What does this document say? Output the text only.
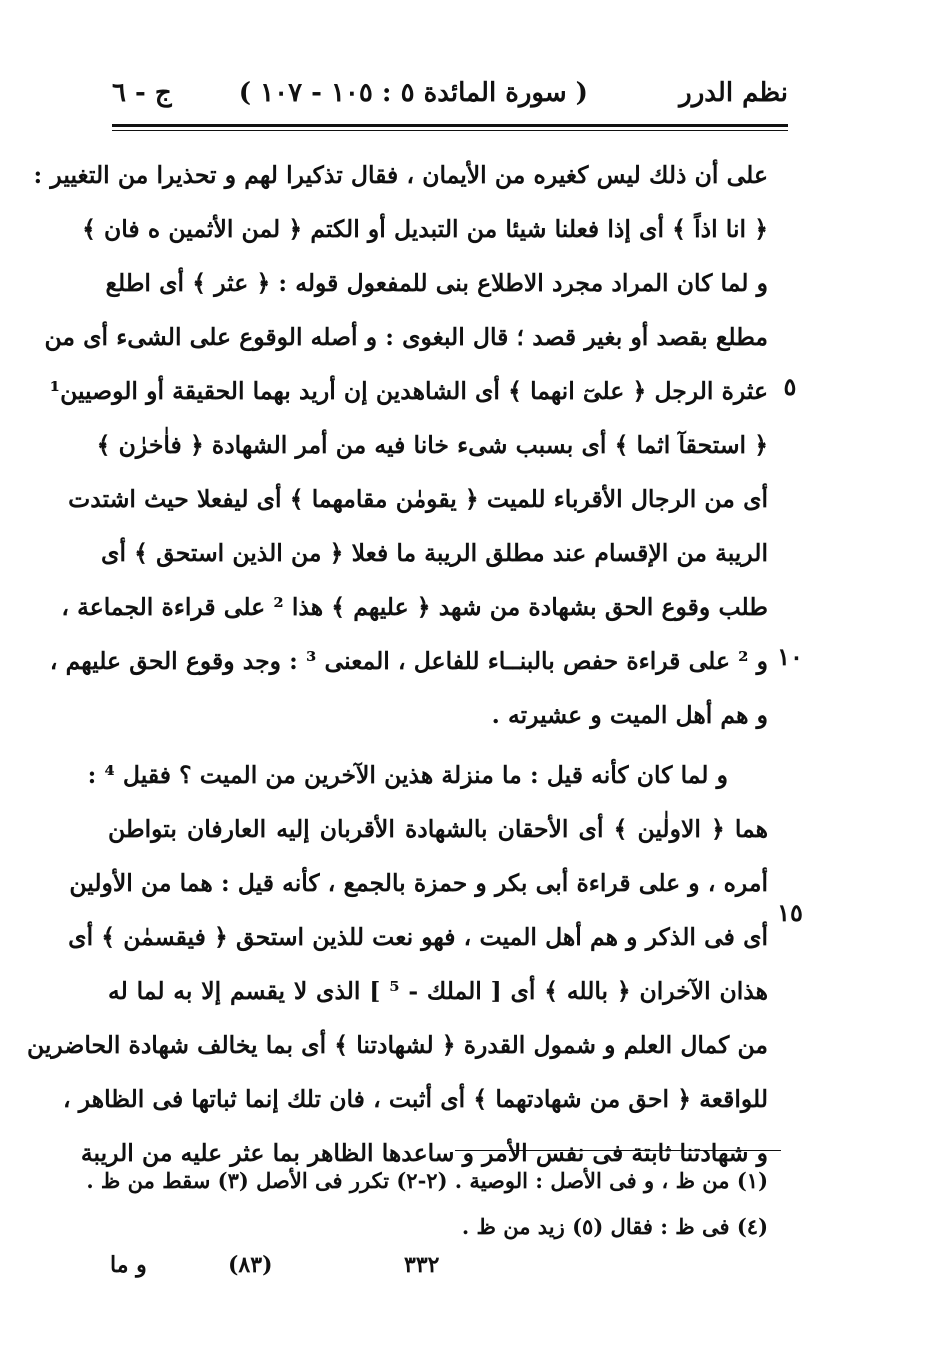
نظم الدرر
( سورة المائدة ٥ : ١٠٥ - ١٠٧ )
ج - ٦
على أن ذلك ليس كغيره من الأيمان ، فقال تذكيرا لهم و تحذيرا من التغيير :
﴿ انا اذاً ﴾ أى إذا فعلنا شيئا من التبديل أو الكتم ﴿ لمن الأثمين ه فان ﴾
و لما كان المراد مجرد الاطلاع بنى للمفعول قوله : ﴿ عثر ﴾ أى اطلع
مطلع بقصد أو بغير قصد ؛ قال البغوى : و أصله الوقوع على الشىء أى من
عثرة الرجل ﴿ علىٓ انهما ﴾ أى الشاهدين إن أريد بهما الحقيقة أو الوصيين¹
﴿ استحقآ اثما ﴾ أى بسبب شىء خانا فيه من أمر الشهادة ﴿ فاٰخرٰن ﴾
أى من الرجال الأقرباء للميت ﴿ يقومٰن مقامهما ﴾ أى ليفعلا حيث اشتدت
الريبة من الإقسام عند مطلق الريبة ما فعلا ﴿ من الذين استحق ﴾ أى
طلب وقوع الحق بشهادة من شهد ﴿ عليهم ﴾ هذا ² على قراءة الجماعة ،
و ² على قراءة حفص بالبنــاء للفاعل ، المعنى ³ : وجد وقوع الحق عليهم ،
و هم أهل الميت و عشيرته .
و لما كان كأنه قيل : ما منزلة هذين الآخرين من الميت ؟ فقيل ⁴ :
هما ﴿ الاولٰين ﴾ أى الأحقان بالشهادة الأقربان إليه العارفان بتواطن
أمره ، و على قراءة أبى بكر و حمزة بالجمع ، كأنه قيل : هما من الأولين
أى فى الذكر و هم أهل الميت ، فهو نعت للذين استحق ﴿ فيقسمٰن ﴾ أى
هذان الآخران ﴿ بالله ﴾ أى [ الملك - ⁵ ] الذى لا يقسم إلا به لما له
من كمال العلم و شمول القدرة ﴿ لشهادتنا ﴾ أى بما يخالف شهادة الحاضرين
للواقعة ﴿ احق من شهادتهما ﴾ أى أثبت ، فان تلك إنما ثباتها فى الظاهر ،
و شهادتنا ثابتة فى نفس الأمر و ساعدها الظاهر بما عثر عليه من الريبة
٥
١٠
١٥
(١) من ظ ، و فى الأصل : الوصية . (٢-٢) تكرر فى الأصل (٣) سقط من ظ .
(٤) فى ظ : فقال (٥) زيد من ظ .
و ما	(٨٣)	٣٣٢
